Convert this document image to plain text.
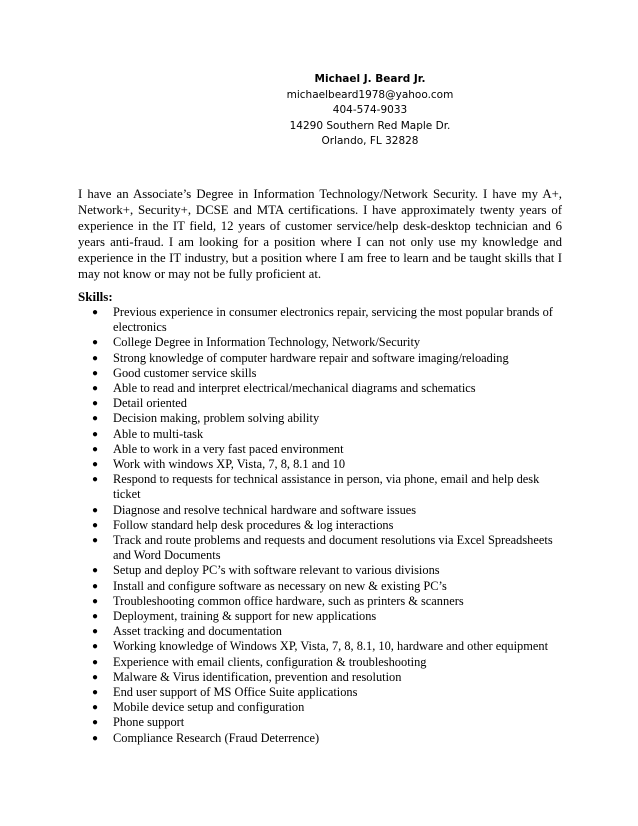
Michael J. Beard Jr.
michaelbeard1978@yahoo.com
404-574-9033
14290 Southern Red Maple Dr.
Orlando, FL 32828

I have an Associate’s Degree in Information Technology/Network Security. I have my A+, Network+, Security+, DCSE and MTA certifications. I have approximately twenty years of experience in the IT field, 12 years of customer service/help desk-desktop technician and 6 years anti-fraud. I am looking for a position where I can not only use my knowledge and experience in the IT industry, but a position where I am free to learn and be taught skills that I may not know or may not be fully proficient at.

Skills:

● Previous experience in consumer electronics repair, servicing the most popular brands of electronics
● College Degree in Information Technology, Network/Security
● Strong knowledge of computer hardware repair and software imaging/reloading
● Good customer service skills
● Able to read and interpret electrical/mechanical diagrams and schematics
● Detail oriented
● Decision making, problem solving ability
● Able to multi-task
● Able to work in a very fast paced environment
● Work with windows XP, Vista, 7, 8, 8.1 and 10
● Respond to requests for technical assistance in person, via phone, email and help desk ticket
● Diagnose and resolve technical hardware and software issues
● Follow standard help desk procedures & log interactions
● Track and route problems and requests and document resolutions via Excel Spreadsheets and Word Documents
● Setup and deploy PC’s with software relevant to various divisions
● Install and configure software as necessary on new & existing PC’s
● Troubleshooting common office hardware, such as printers & scanners
● Deployment, training & support for new applications
● Asset tracking and documentation
● Working knowledge of Windows XP, Vista, 7, 8, 8.1, 10, hardware and other equipment
● Experience with email clients, configuration & troubleshooting
● Malware & Virus identification, prevention and resolution
● End user support of MS Office Suite applications
● Mobile device setup and configuration
● Phone support
● Compliance Research (Fraud Deterrence)
